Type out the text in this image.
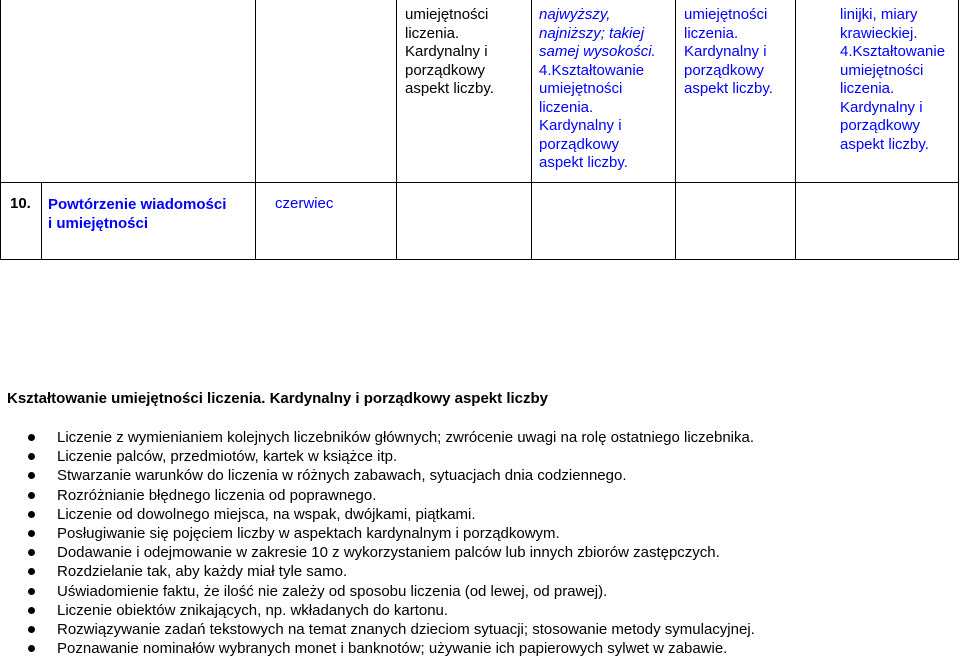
umiejętności
liczenia.
Kardynalny i
porządkowy
aspekt liczby.
najwyższy,
najniższy; takiej
samej wysokości.
4.Kształtowanie
umiejętności
liczenia.
Kardynalny i
porządkowy
aspekt liczby.
umiejętności
liczenia.
Kardynalny i
porządkowy
aspekt liczby.
linijki, miary
krawieckiej.
4.Kształtowanie
umiejętności
liczenia.
Kardynalny i
porządkowy
aspekt liczby.
10. Powtórzenie wiadomości
i umiejętności
czerwiec
Kształtowanie umiejętności liczenia. Kardynalny i porządkowy aspekt liczby
Liczenie z wymienianiem kolejnych liczebników głównych; zwrócenie uwagi na rolę ostatniego liczebnika.
Liczenie palców, przedmiotów, kartek w książce itp.
Stwarzanie warunków do liczenia w różnych zabawach, sytuacjach dnia codziennego.
Rozróżnianie błędnego liczenia od poprawnego.
Liczenie od dowolnego miejsca, na wspak, dwójkami, piątkami.
Posługiwanie się pojęciem liczby w aspektach kardynalnym i porządkowym.
Dodawanie i odejmowanie w zakresie 10 z wykorzystaniem palców lub innych zbiorów zastępczych.
Rozdzielanie tak, aby każdy miał tyle samo.
Uświadomienie faktu, że ilość nie zależy od sposobu liczenia (od lewej, od prawej).
Liczenie obiektów znikających, np. wkładanych do kartonu.
Rozwiązywanie zadań tekstowych na temat znanych dzieciom sytuacji; stosowanie metody symulacyjnej.
Poznawanie nominałów wybranych monet i banknotów; używanie ich papierowych sylwet w zabawie.
